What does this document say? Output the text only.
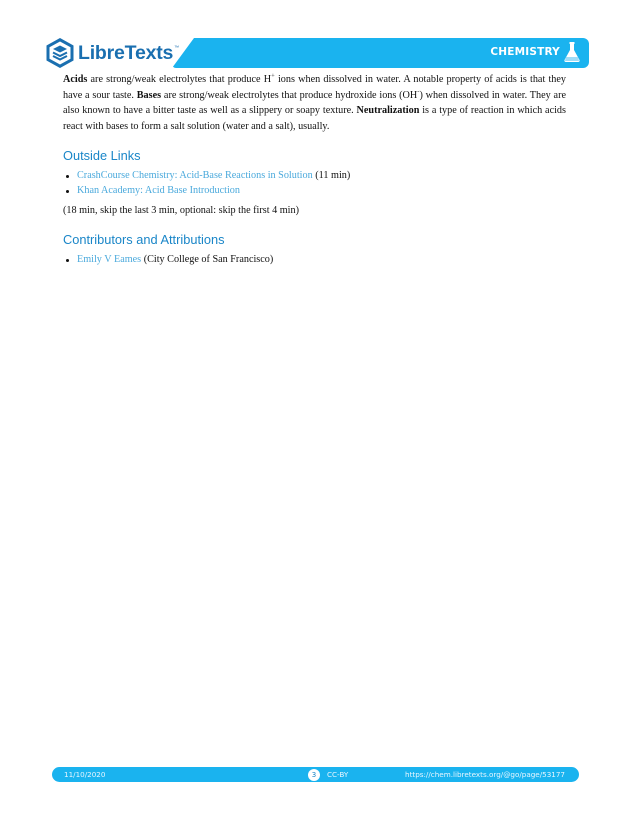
LibreTexts ™	CHEMISTRY

Acids are strong/weak electrolytes that produce H+ ions when dissolved in water. A notable property of acids is that they have a sour taste. Bases are strong/weak electrolytes that produce hydroxide ions (OH-) when dissolved in water. They are also known to have a bitter taste as well as a slippery or soapy texture. Neutralization is a type of reaction in which acids react with bases to form a salt solution (water and a salt), usually.

Outside Links
CrashCourse Chemistry: Acid-Base Reactions in Solution (11 min)
Khan Academy: Acid Base Introduction

(18 min, skip the last 3 min, optional: skip the first 4 min)

Contributors and Attributions
Emily V Eames (City College of San Francisco)
11/10/2020	3	CC-BY	https://chem.libretexts.org/@go/page/53177
